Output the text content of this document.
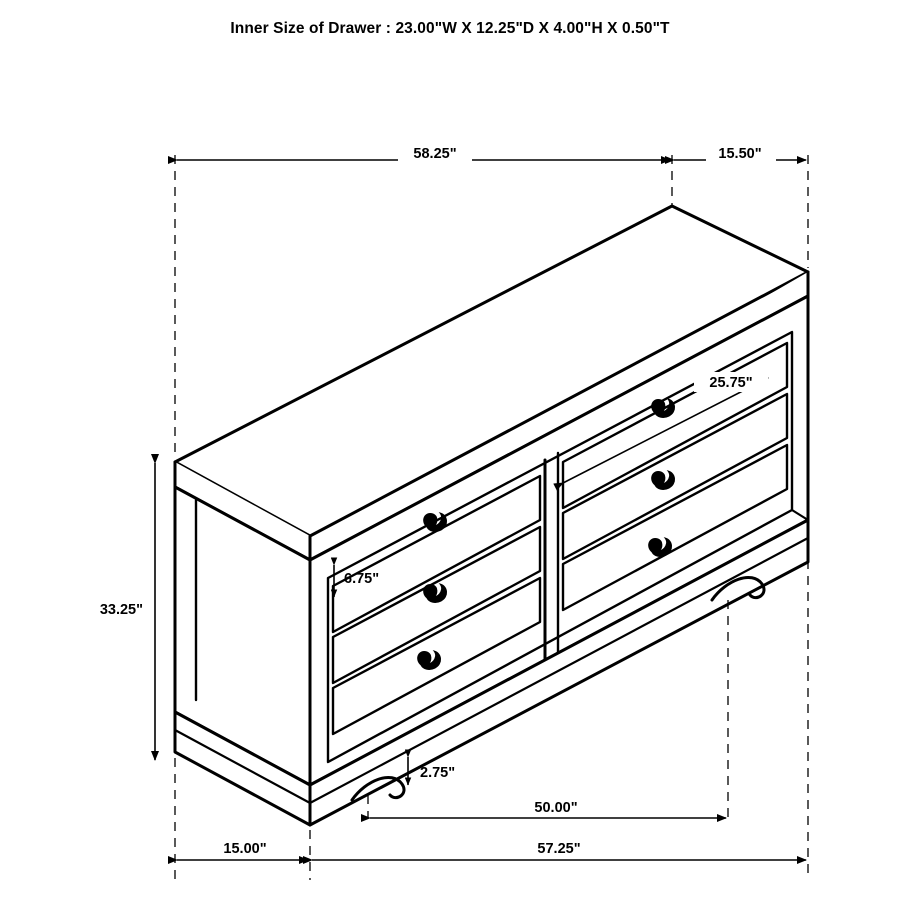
Inner Size of Drawer : 23.00"W X 12.25"D X 4.00"H X 0.50"T
58.25"	15.50"
25.75"
6.75"
33.25"
2.75"
50.00"
15.00"	57.25"
